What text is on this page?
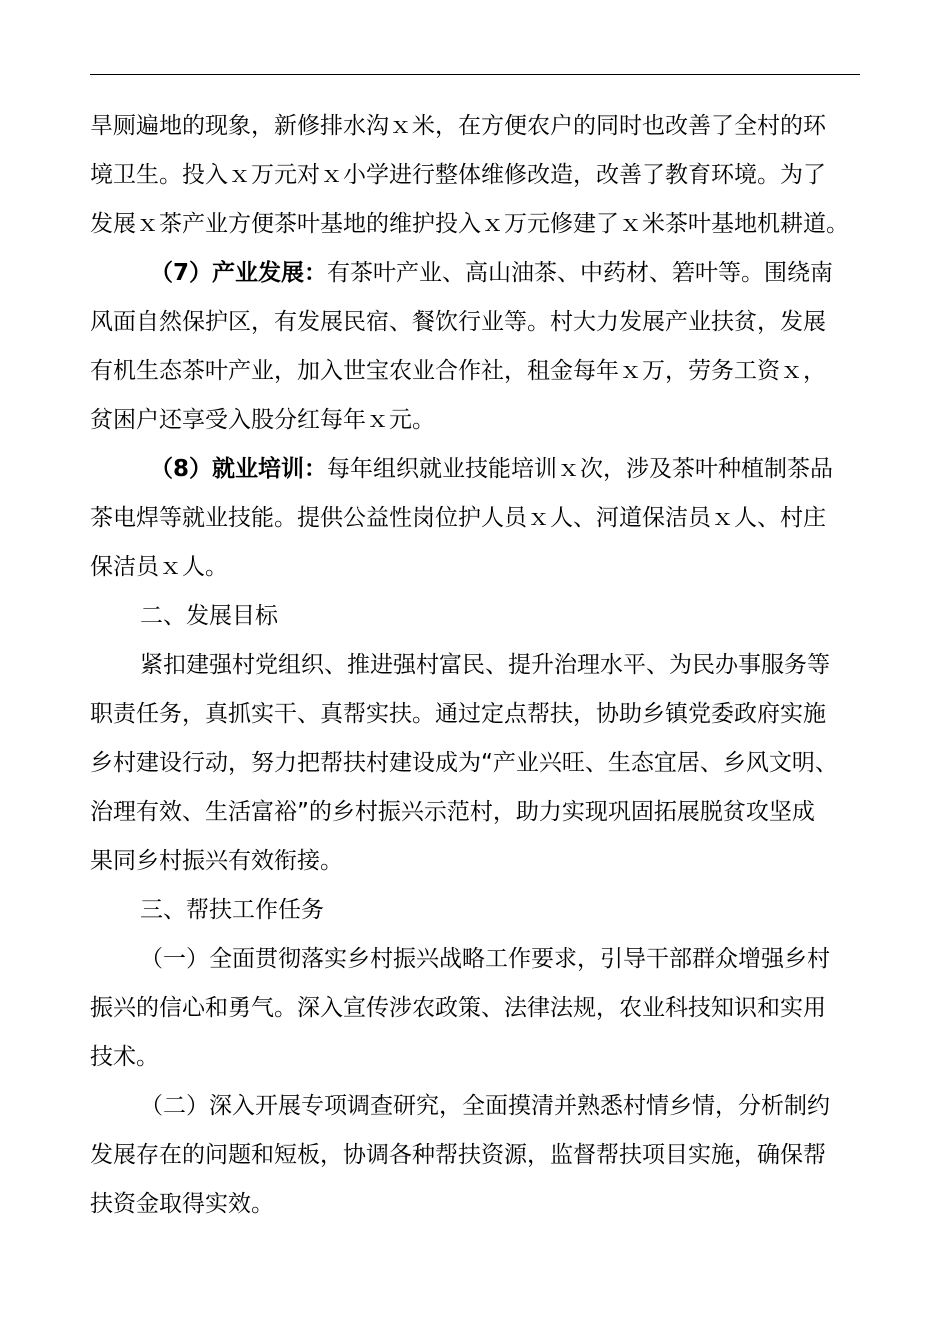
旱厕遍地的现象，新修排水沟ｘ米，在方便农户的同时也改善了全村的环
境卫生。投入ｘ万元对ｘ小学进行整体维修改造，改善了教育环境。为了
发展ｘ茶产业方便茶叶基地的维护投入ｘ万元修建了ｘ米茶叶基地机耕道。
（7）产业发展：有茶叶产业、高山油茶、中药材、箬叶等。围绕南
风面自然保护区，有发展民宿、餐饮行业等。村大力发展产业扶贫，发展
有机生态茶叶产业，加入世宝农业合作社，租金每年ｘ万，劳务工资ｘ，
贫困户还享受入股分红每年ｘ元。
（8）就业培训：每年组织就业技能培训ｘ次，涉及茶叶种植制茶品
茶电焊等就业技能。提供公益性岗位护人员ｘ人、河道保洁员ｘ人、村庄
保洁员ｘ人。
二、发展目标
紧扣建强村党组织、推进强村富民、提升治理水平、为民办事服务等
职责任务，真抓实干、真帮实扶。通过定点帮扶，协助乡镇党委政府实施
乡村建设行动，努力把帮扶村建设成为“产业兴旺、生态宜居、乡风文明、
治理有效、生活富裕”的乡村振兴示范村，助力实现巩固拓展脱贫攻坚成
果同乡村振兴有效衔接。
三、帮扶工作任务
（一）全面贯彻落实乡村振兴战略工作要求，引导干部群众增强乡村
振兴的信心和勇气。深入宣传涉农政策、法律法规，农业科技知识和实用
技术。
（二）深入开展专项调查研究，全面摸清并熟悉村情乡情，分析制约
发展存在的问题和短板，协调各种帮扶资源，监督帮扶项目实施，确保帮
扶资金取得实效。
